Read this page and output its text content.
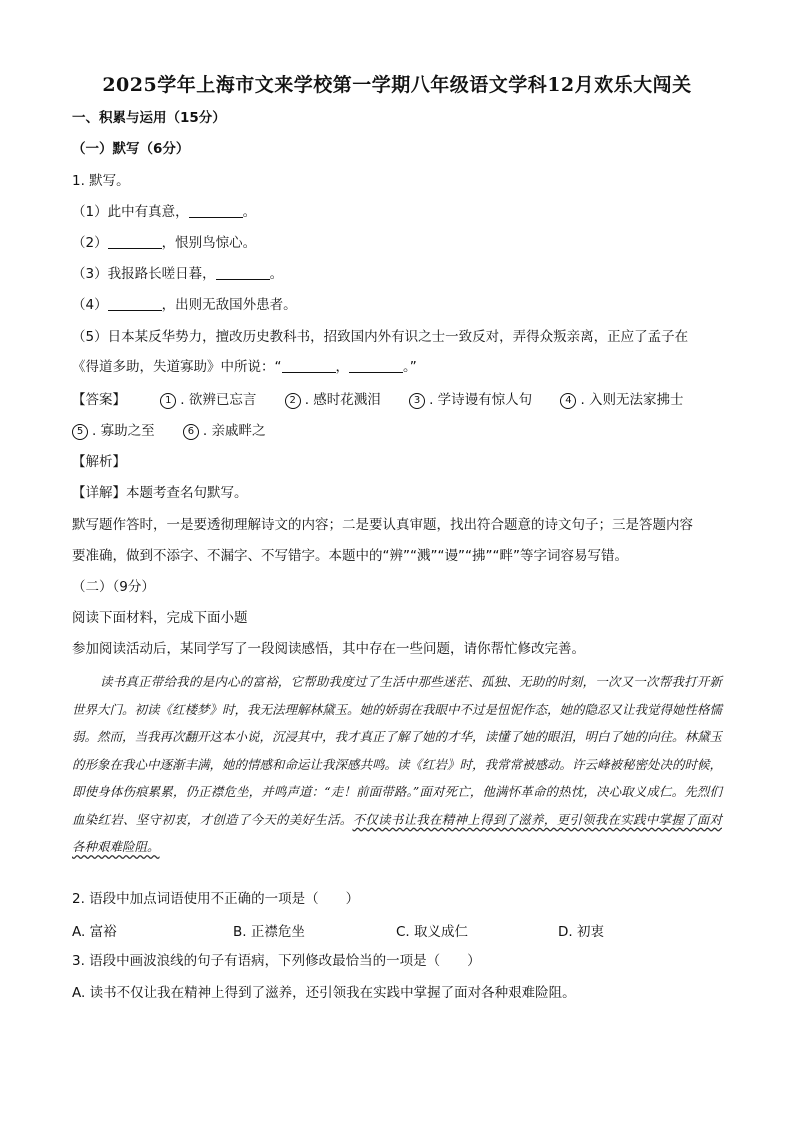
2025学年上海市文来学校第一学期八年级语文学科12月欢乐大闯关
一、积累与运用（15分）
（一）默写（6分）
1. 默写。
（1）此中有真意，	。
（2）	，恨别鸟惊心。
（3）我报路长嗟日暮，	。
（4）	，出则无敌国外患者。
（5）日本某反华势力，擅改历史教科书，招致国内外有识之士一致反对，弄得众叛亲离，正应了孟子在
《得道多助，失道寡助》中所说：“	，	。”
【答案】	1 . 欲辨已忘言	2 . 感时花溅泪	3 . 学诗谩有惊人句	4 . 入则无法家拂士
5 . 寡助之至	6 . 亲戚畔之
【解析】
【详解】本题考查名句默写。
默写题作答时，一是要透彻理解诗文的内容；二是要认真审题，找出符合题意的诗文句子；三是答题内容
要准确，做到不添字、不漏字、不写错字。本题中的“辨”“溅”“谩”“拂”“畔”等字词容易写错。
（二）（9分）
阅读下面材料，完成下面小题
参加阅读活动后，某同学写了一段阅读感悟，其中存在一些问题，请你帮忙修改完善。
读书真正带给我的是内心的富裕，它帮助我度过了生活中那些迷茫、孤独、无助的时刻，一次又一次帮我打开新世界大门。初读《红楼梦》时，我无法理解林黛玉。她的娇弱在我眼中不过是忸怩作态，她的隐忍又让我觉得她性格懦弱。然而，当我再次翻开这本小说，沉浸其中，我才真正了解了她的才华，读懂了她的眼泪，明白了她的向往。林黛玉的形象在我心中逐渐丰满，她的情感和命运让我深感共鸣。读《红岩》时，我常常被感动。许云峰被秘密处决的时候，即使身体伤痕累累，仍正襟危坐，并鸣声道：“走！前面带路。”面对死亡，他满怀革命的热忱，决心取义成仁。先烈们血染红岩、坚守初衷，才创造了今天的美好生活。不仅读书让我在精神上得到了滋养，更引领我在实践中掌握了面对各种艰难险阻。
2. 语段中加点词语使用不正确的一项是（　　）
A. 富裕	B. 正襟危坐	C. 取义成仁	D. 初衷
3. 语段中画波浪线的句子有语病，下列修改最恰当的一项是（　　）
A. 读书不仅让我在精神上得到了滋养，还引领我在实践中掌握了面对各种艰难险阻。
